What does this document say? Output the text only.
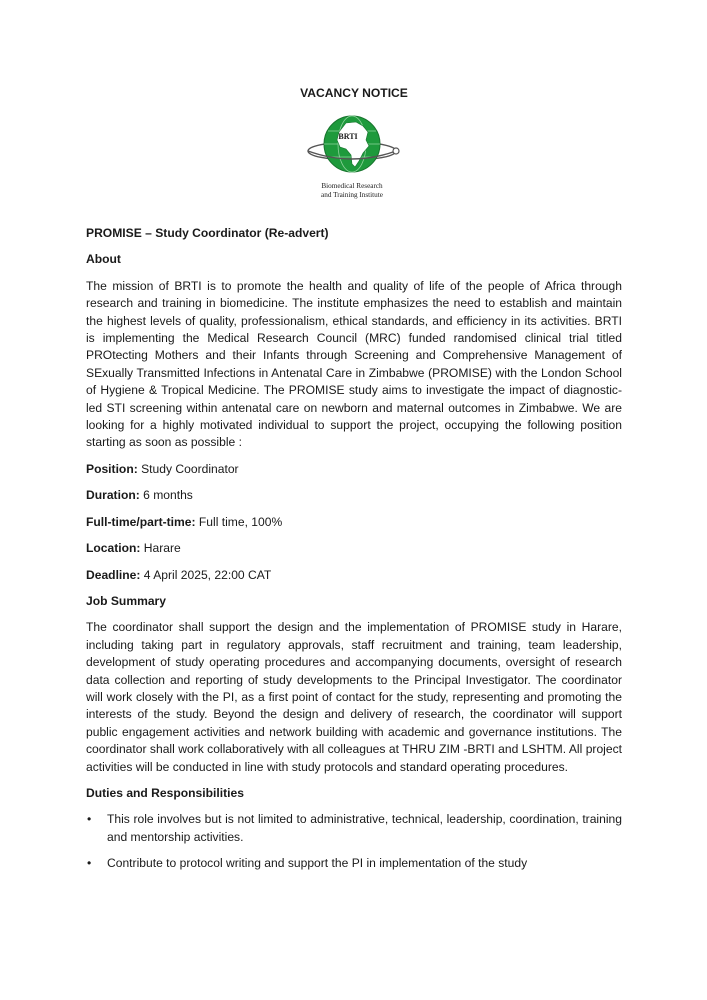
VACANCY NOTICE

BRTI
Biomedical Research
and Training Institute

PROMISE – Study Coordinator (Re-advert)

About

The mission of BRTI is to promote the health and quality of life of the people of Africa through research and training in biomedicine. The institute emphasizes the need to establish and maintain the highest levels of quality, professionalism, ethical standards, and efficiency in its activities. BRTI is implementing the Medical Research Council (MRC) funded randomised clinical trial titled PROtecting Mothers and their Infants through Screening and Comprehensive Management of SExually Transmitted Infections in Antenatal Care in Zimbabwe (PROMISE) with the London School of Hygiene & Tropical Medicine. The PROMISE study aims to investigate the impact of diagnostic-led STI screening within antenatal care on newborn and maternal outcomes in Zimbabwe. We are looking for a highly motivated individual to support the project, occupying the following position starting as soon as possible :

Position: Study Coordinator

Duration: 6 months

Full-time/part-time: Full time, 100%

Location: Harare

Deadline: 4 April 2025, 22:00 CAT

Job Summary

The coordinator shall support the design and the implementation of PROMISE study in Harare, including taking part in regulatory approvals, staff recruitment and training, team leadership, development of study operating procedures and accompanying documents, oversight of research data collection and reporting of study developments to the Principal Investigator. The coordinator will work closely with the PI, as a first point of contact for the study, representing and promoting the interests of the study. Beyond the design and delivery of research, the coordinator will support public engagement activities and network building with academic and governance institutions. The coordinator shall work collaboratively with all colleagues at THRU ZIM -BRTI and LSHTM. All project activities will be conducted in line with study protocols and standard operating procedures.

Duties and Responsibilities

• This role involves but is not limited to administrative, technical, leadership, coordination, training and mentorship activities.
• Contribute to protocol writing and support the PI in implementation of the study
